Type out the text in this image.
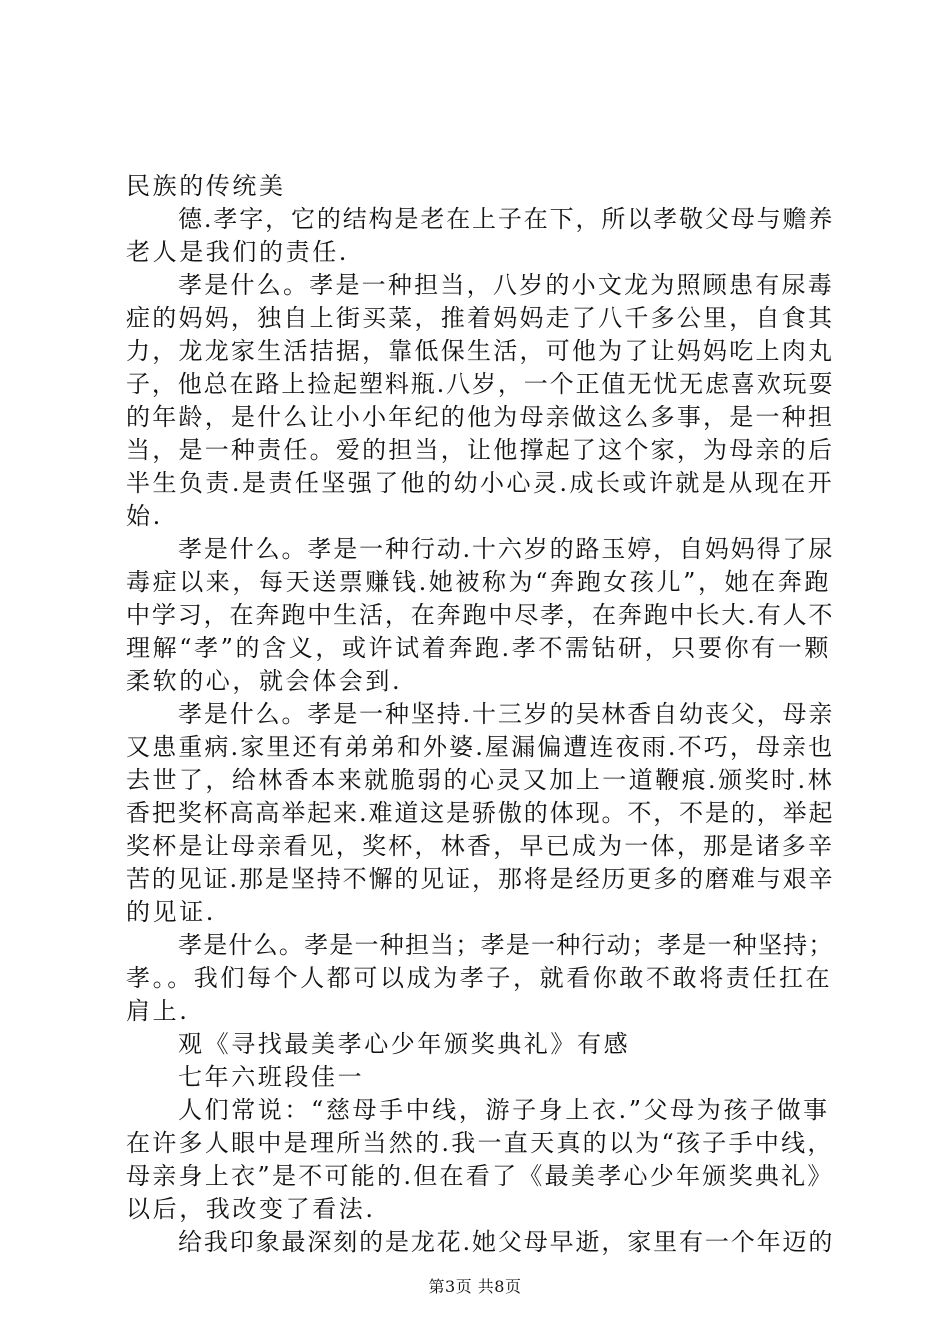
民族的传统美
德.孝字，它的结构是老在上子在下，所以孝敬父母与赡养
老人是我们的责任.
孝是什么。孝是一种担当，八岁的小文龙为照顾患有尿毒
症的妈妈，独自上街买菜，推着妈妈走了八千多公里，自食其
力，龙龙家生活拮据，靠低保生活，可他为了让妈妈吃上肉丸
子，他总在路上捡起塑料瓶.八岁，一个正值无忧无虑喜欢玩耍
的年龄，是什么让小小年纪的他为母亲做这么多事，是一种担
当，是一种责任。爱的担当，让他撑起了这个家，为母亲的后
半生负责.是责任坚强了他的幼小心灵.成长或许就是从现在开
始.
孝是什么。孝是一种行动.十六岁的路玉婷，自妈妈得了尿
毒症以来，每天送票赚钱.她被称为“奔跑女孩儿”，她在奔跑
中学习，在奔跑中生活，在奔跑中尽孝，在奔跑中长大.有人不
理解“孝”的含义，或许试着奔跑.孝不需钻研，只要你有一颗
柔软的心，就会体会到.
孝是什么。孝是一种坚持.十三岁的吴林香自幼丧父，母亲
又患重病.家里还有弟弟和外婆.屋漏偏遭连夜雨.不巧，母亲也
去世了，给林香本来就脆弱的心灵又加上一道鞭痕.颁奖时.林
香把奖杯高高举起来.难道这是骄傲的体现。不，不是的，举起
奖杯是让母亲看见，奖杯，林香，早已成为一体，那是诸多辛
苦的见证.那是坚持不懈的见证，那将是经历更多的磨难与艰辛
的见证.
孝是什么。孝是一种担当；孝是一种行动；孝是一种坚持；
孝。。我们每个人都可以成为孝子，就看你敢不敢将责任扛在
肩上.
观《寻找最美孝心少年颁奖典礼》有感
七年六班段佳一
人们常说：“慈母手中线，游子身上衣.”父母为孩子做事
在许多人眼中是理所当然的.我一直天真的以为“孩子手中线，
母亲身上衣”是不可能的.但在看了《最美孝心少年颁奖典礼》
以后，我改变了看法.
给我印象最深刻的是龙花.她父母早逝，家里有一个年迈的
第3页 共8页
